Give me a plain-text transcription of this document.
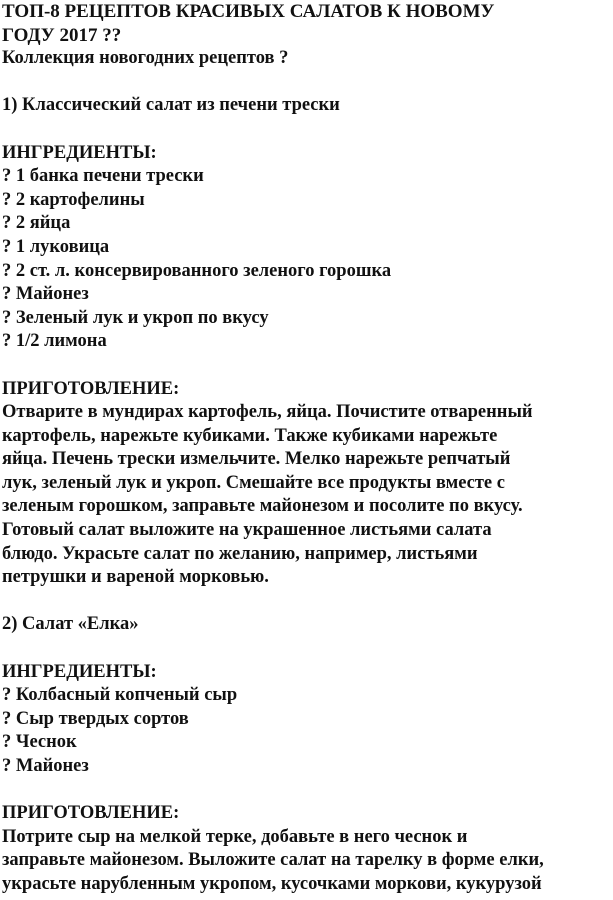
ТОП-8 РЕЦЕПТОВ КРАСИВЫХ САЛАТОВ К НОВОМУ
ГОДУ 2017 ??
Коллекция новогодних рецептов ?
1) Классический салат из печени трески
ИНГРЕДИЕНТЫ:
? 1 банка печени трески
? 2 картофелины
? 2 яйца
? 1 луковица
? 2 ст. л. консервированного зеленого горошка
? Майонез
? Зеленый лук и укроп по вкусу
? 1/2 лимона
ПРИГОТОВЛЕНИЕ:
Отварите в мундирах картофель, яйца. Почистите отваренный
картофель, нарежьте кубиками. Также кубиками нарежьте
яйца. Печень трески измельчите. Мелко нарежьте репчатый
лук, зеленый лук и укроп. Смешайте все продукты вместе с
зеленым горошком, заправьте майонезом и посолите по вкусу.
Готовый салат выложите на украшенное листьями салата
блюдо. Украсьте салат по желанию, например, листьями
петрушки и вареной морковью.
2) Салат «Елка»
ИНГРЕДИЕНТЫ:
? Колбасный копченый сыр
? Сыр твердых сортов
? Чеснок
? Майонез
ПРИГОТОВЛЕНИЕ:
Потрите сыр на мелкой терке, добавьте в него чеснок и
заправьте майонезом. Выложите салат на тарелку в форме елки,
украсьте нарубленным укропом, кусочками моркови, кукурузой
